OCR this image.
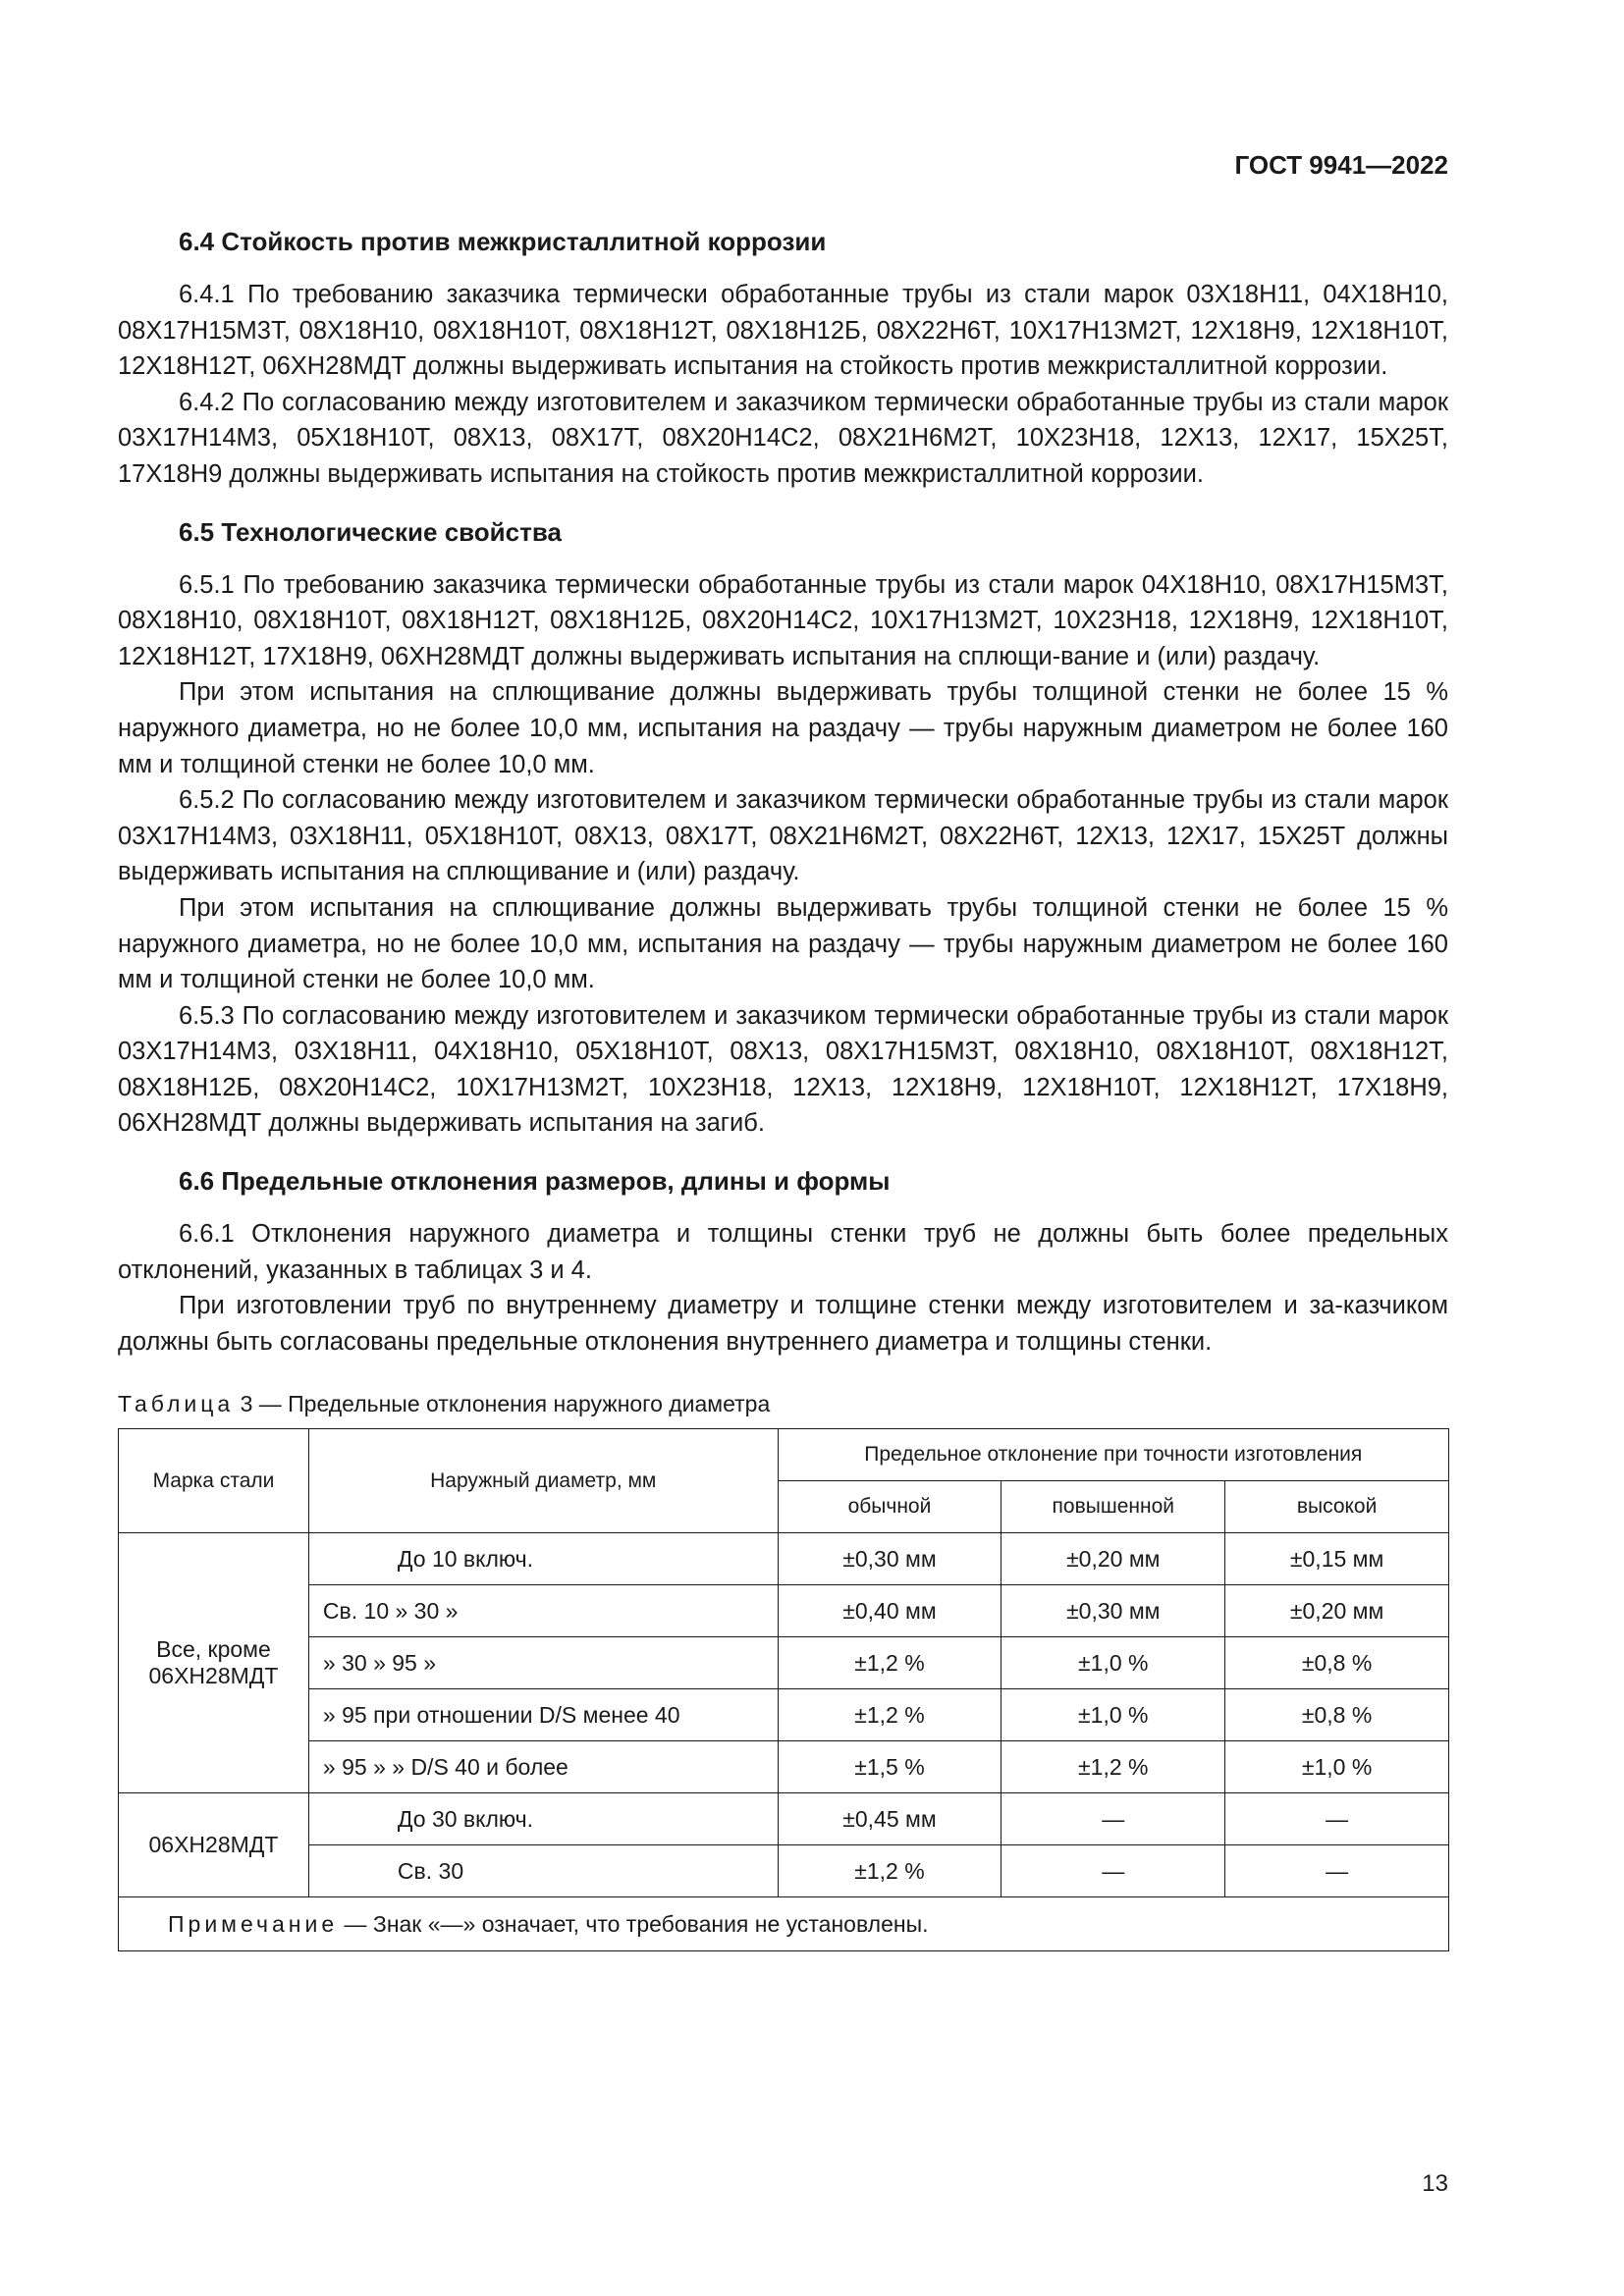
ГОСТ 9941—2022
6.4 Стойкость против межкристаллитной коррозии

6.4.1 По требованию заказчика термически обработанные трубы из стали марок 03Х18Н11, 04Х18Н10, 08Х17Н15М3Т, 08Х18Н10, 08Х18Н10Т, 08Х18Н12Т, 08Х18Н12Б, 08Х22Н6Т, 10Х17Н13М2Т, 12Х18Н9, 12Х18Н10Т, 12Х18Н12Т, 06ХН28МДТ должны выдерживать испытания на стойкость против межкристаллитной коррозии.

6.4.2 По согласованию между изготовителем и заказчиком термически обработанные трубы из стали марок 03Х17Н14М3, 05Х18Н10Т, 08Х13, 08Х17Т, 08Х20Н14С2, 08Х21Н6М2Т, 10Х23Н18, 12Х13, 12Х17, 15Х25Т, 17Х18Н9 должны выдерживать испытания на стойкость против межкристаллитной коррозии.

6.5 Технологические свойства

6.5.1 По требованию заказчика термически обработанные трубы из стали марок 04Х18Н10, 08Х17Н15М3Т, 08Х18Н10, 08Х18Н10Т, 08Х18Н12Т, 08Х18Н12Б, 08Х20Н14С2, 10Х17Н13М2Т, 10Х23Н18, 12Х18Н9, 12Х18Н10Т, 12Х18Н12Т, 17Х18Н9, 06ХН28МДТ должны выдерживать испытания на сплющи-вание и (или) раздачу.

При этом испытания на сплющивание должны выдерживать трубы толщиной стенки не более 15 % наружного диаметра, но не более 10,0 мм, испытания на раздачу — трубы наружным диаметром не более 160 мм и толщиной стенки не более 10,0 мм.

6.5.2 По согласованию между изготовителем и заказчиком термически обработанные трубы из стали марок 03Х17Н14М3, 03Х18Н11, 05Х18Н10Т, 08Х13, 08Х17Т, 08Х21Н6М2Т, 08Х22Н6Т, 12Х13, 12Х17, 15Х25Т должны выдерживать испытания на сплющивание и (или) раздачу.

При этом испытания на сплющивание должны выдерживать трубы толщиной стенки не более 15 % наружного диаметра, но не более 10,0 мм, испытания на раздачу — трубы наружным диаметром не более 160 мм и толщиной стенки не более 10,0 мм.

6.5.3 По согласованию между изготовителем и заказчиком термически обработанные трубы из стали марок 03Х17Н14М3, 03Х18Н11, 04Х18Н10, 05Х18Н10Т, 08Х13, 08Х17Н15М3Т, 08Х18Н10, 08Х18Н10Т, 08Х18Н12Т, 08Х18Н12Б, 08Х20Н14С2, 10Х17Н13М2Т, 10Х23Н18, 12Х13, 12Х18Н9, 12Х18Н10Т, 12Х18Н12Т, 17Х18Н9, 06ХН28МДТ должны выдерживать испытания на загиб.

6.6 Предельные отклонения размеров, длины и формы

6.6.1 Отклонения наружного диаметра и толщины стенки труб не должны быть более предельных отклонений, указанных в таблицах 3 и 4.

При изготовлении труб по внутреннему диаметру и толщине стенки между изготовителем и за-казчиком должны быть согласованы предельные отклонения внутреннего диаметра и толщины стенки.

Таблица 3 — Предельные отклонения наружного диаметра
Марка стали	Наружный диаметр, мм	Предельное отклонение при точности изготовления		
		обычной	повышенной	высокой
Все, кроме 06ХН28МДТ	До 10 включ.	±0,30 мм	±0,20 мм	±0,15 мм
	Св. 10 » 30 »	±0,40 мм	±0,30 мм	±0,20 мм
	» 30 » 95 »	±1,2 %	±1,0 %	±0,8 %
	» 95 при отношении D/S менее 40	±1,2 %	±1,0 %	±0,8 %
	» 95 » » D/S 40 и более	±1,5 %	±1,2 %	±1,0 %
06ХН28МДТ	До 30 включ.	±0,45 мм	—	—
	Св. 30	±1,2 %	—	—
Примечание — Знак «—» означает, что требования не установлены.				
13
